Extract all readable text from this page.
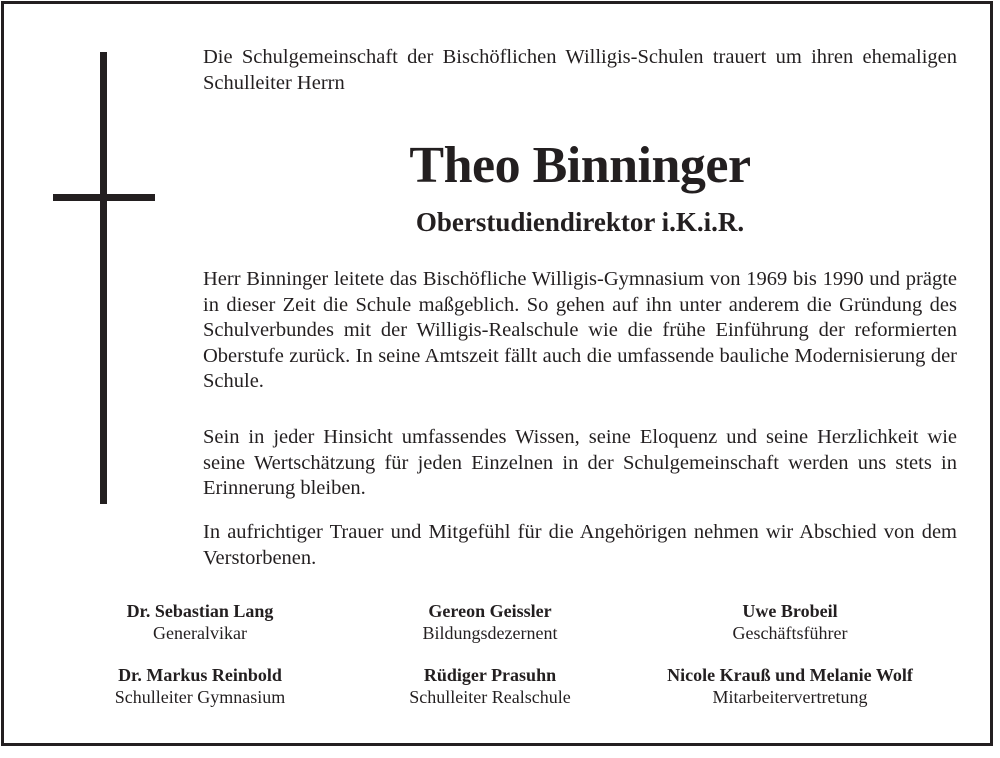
Die Schulgemeinschaft der Bischöflichen Willigis-Schulen trauert um ihren ehemaligen Schulleiter Herrn

Theo Binninger
Oberstudiendirektor i.K.i.R.

Herr Binninger leitete das Bischöfliche Willigis-Gymnasium von 1969 bis 1990 und prägte in dieser Zeit die Schule maßgeblich. So gehen auf ihn unter anderem die Gründung des Schulverbundes mit der Willigis-Realschule wie die frühe Einführung der reformierten Oberstufe zurück. In seine Amtszeit fällt auch die umfassende bauliche Modernisierung der Schule.

Sein in jeder Hinsicht umfassendes Wissen, seine Eloquenz und seine Herzlichkeit wie seine Wertschätzung für jeden Einzelnen in der Schulgemeinschaft werden uns stets in Erinnerung bleiben.

In aufrichtiger Trauer und Mitgefühl für die Angehörigen nehmen wir Abschied von dem Verstorbenen.

Dr. Sebastian Lang
Generalvikar
Gereon Geissler
Bildungsdezernent
Uwe Brobeil
Geschäftsführer
Dr. Markus Reinbold
Schulleiter Gymnasium
Rüdiger Prasuhn
Schulleiter Realschule
Nicole Krauß und Melanie Wolf
Mitarbeitervertretung
